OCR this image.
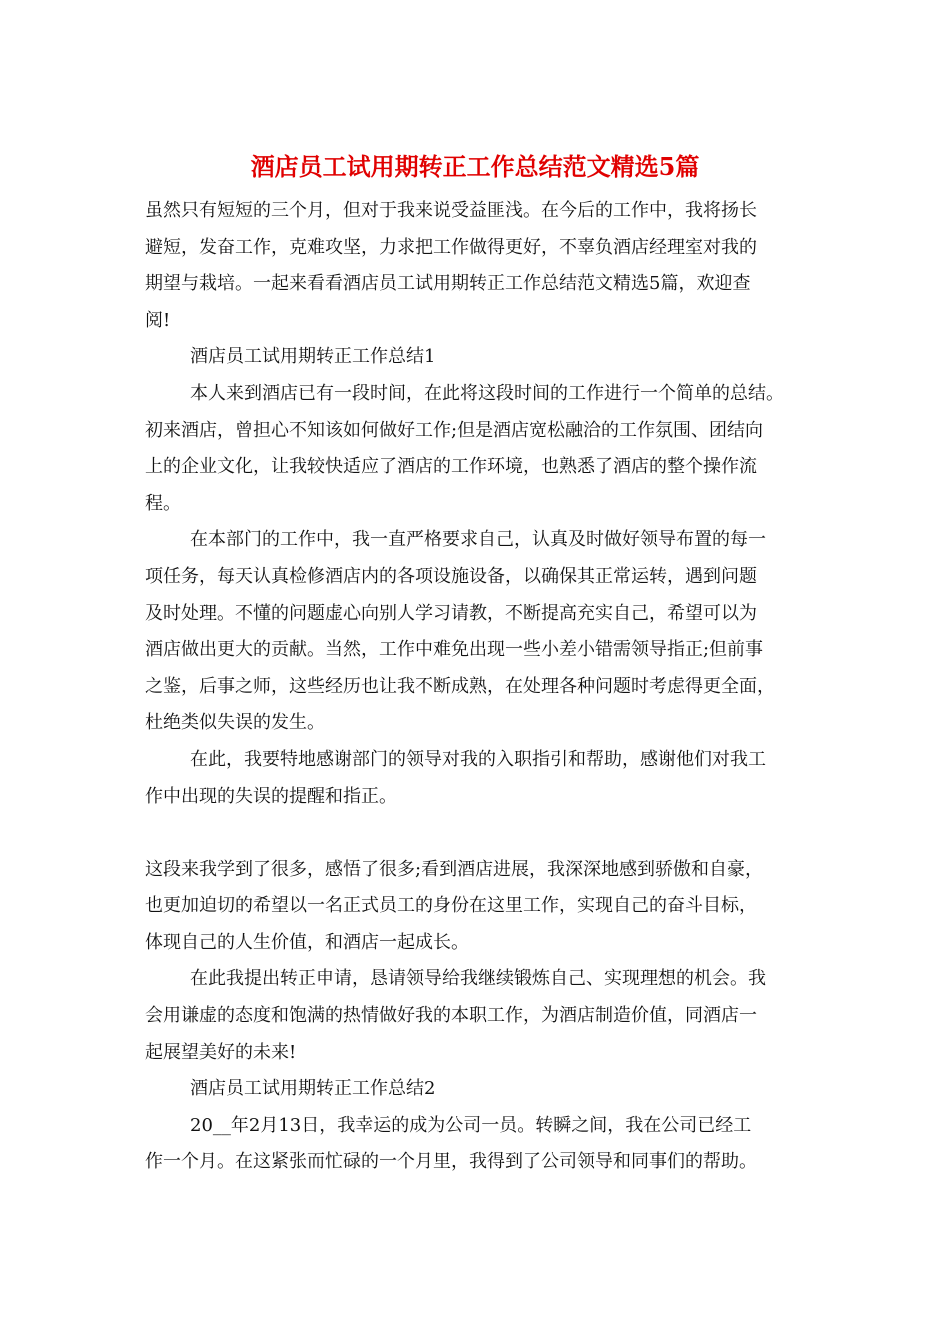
酒店员工试用期转正工作总结范文精选5篇

虽然只有短短的三个月，但对于我来说受益匪浅。在今后的工作中，我将扬长

避短，发奋工作，克难攻坚，力求把工作做得更好，不辜负酒店经理室对我的

期望与栽培。一起来看看酒店员工试用期转正工作总结范文精选5篇，欢迎查

阅!

酒店员工试用期转正工作总结1

本人来到酒店已有一段时间，在此将这段时间的工作进行一个简单的总结。

初来酒店，曾担心不知该如何做好工作;但是酒店宽松融洽的工作氛围、团结向

上的企业文化，让我较快适应了酒店的工作环境，也熟悉了酒店的整个操作流

程。

在本部门的工作中，我一直严格要求自己，认真及时做好领导布置的每一

项任务，每天认真检修酒店内的各项设施设备，以确保其正常运转，遇到问题

及时处理。不懂的问题虚心向别人学习请教，不断提高充实自己，希望可以为

酒店做出更大的贡献。当然，工作中难免出现一些小差小错需领导指正;但前事

之鉴，后事之师，这些经历也让我不断成熟，在处理各种问题时考虑得更全面，

杜绝类似失误的发生。

在此，我要特地感谢部门的领导对我的入职指引和帮助，感谢他们对我工

作中出现的失误的提醒和指正。

这段来我学到了很多，感悟了很多;看到酒店进展，我深深地感到骄傲和自豪，

也更加迫切的希望以一名正式员工的身份在这里工作，实现自己的奋斗目标，

体现自己的人生价值，和酒店一起成长。

在此我提出转正申请，恳请领导给我继续锻炼自己、实现理想的机会。我

会用谦虚的态度和饱满的热情做好我的本职工作，为酒店制造价值，同酒店一

起展望美好的未来!

酒店员工试用期转正工作总结2

20__年2月13日，我幸运的成为公司一员。转瞬之间，我在公司已经工

作一个月。在这紧张而忙碌的一个月里，我得到了公司领导和同事们的帮助。
